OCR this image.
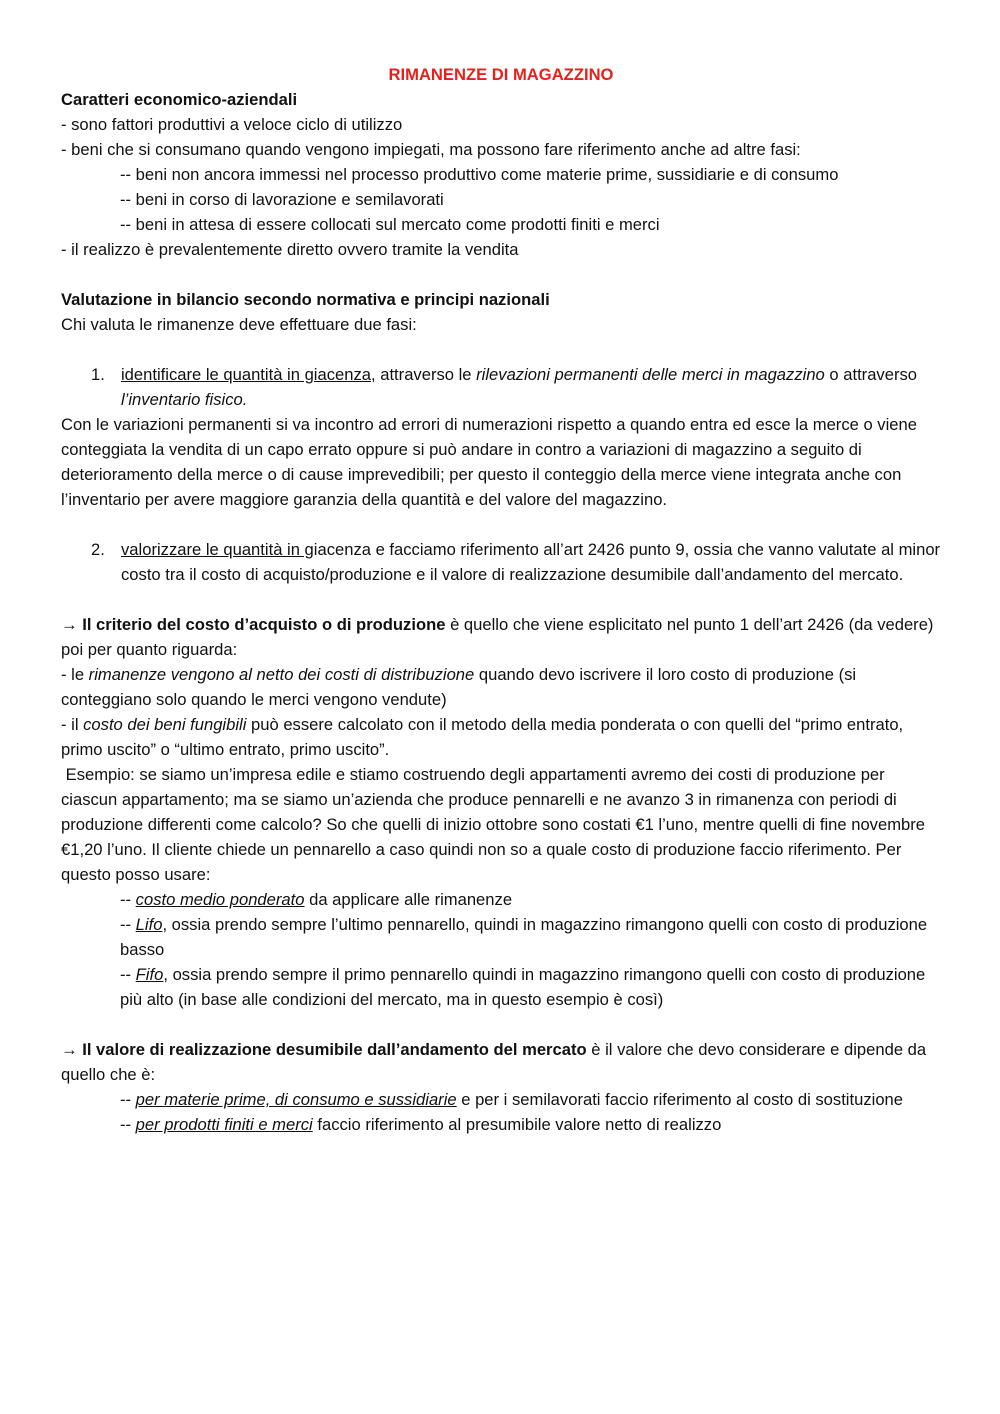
RIMANENZE DI MAGAZZINO

Caratteri economico-aziendali

- sono fattori produttivi a veloce ciclo di utilizzo

- beni che si consumano quando vengono impiegati, ma possono fare riferimento anche ad altre fasi:

-- beni non ancora immessi nel processo produttivo come materie prime, sussidiarie e di consumo

-- beni in corso di lavorazione e semilavorati

-- beni in attesa di essere collocati sul mercato come prodotti finiti e merci

- il realizzo è prevalentemente diretto ovvero tramite la vendita

Valutazione in bilancio secondo normativa e principi nazionali

Chi valuta le rimanenze deve effettuare due fasi:

1. identificare le quantità in giacenza, attraverso le rilevazioni permanenti delle merci in magazzino o attraverso l’inventario fisico.

Con le variazioni permanenti si va incontro ad errori di numerazioni rispetto a quando entra ed esce la merce o viene conteggiata la vendita di un capo errato oppure si può andare in contro a variazioni di magazzino a seguito di deterioramento della merce o di cause imprevedibili; per questo il conteggio della merce viene integrata anche con l’inventario per avere maggiore garanzia della quantità e del valore del magazzino.

2. valorizzare le quantità in giacenza e facciamo riferimento all’art 2426 punto 9, ossia che vanno valutate al minor costo tra il costo di acquisto/produzione e il valore di realizzazione desumibile dall’andamento del mercato.

→ Il criterio del costo d’acquisto o di produzione è quello che viene esplicitato nel punto 1 dell’art 2426 (da vedere) poi per quanto riguarda:

- le rimanenze vengono al netto dei costi di distribuzione quando devo iscrivere il loro costo di produzione (si conteggiano solo quando le merci vengono vendute)

- il costo dei beni fungibili può essere calcolato con il metodo della media ponderata o con quelli del “primo entrato, primo uscito” o “ultimo entrato, primo uscito”.

Esempio: se siamo un’impresa edile e stiamo costruendo degli appartamenti avremo dei costi di produzione per ciascun appartamento; ma se siamo un’azienda che produce pennarelli e ne avanzo 3 in rimanenza con periodi di produzione differenti come calcolo? So che quelli di inizio ottobre sono costati €1 l’uno, mentre quelli di fine novembre €1,20 l’uno. Il cliente chiede un pennarello a caso quindi non so a quale costo di produzione faccio riferimento. Per questo posso usare:

-- costo medio ponderato da applicare alle rimanenze

-- Lifo, ossia prendo sempre l’ultimo pennarello, quindi in magazzino rimangono quelli con costo di produzione basso

-- Fifo, ossia prendo sempre il primo pennarello quindi in magazzino rimangono quelli con costo di produzione più alto (in base alle condizioni del mercato, ma in questo esempio è così)

→ Il valore di realizzazione desumibile dall’andamento del mercato è il valore che devo considerare e dipende da quello che è:

-- per materie prime, di consumo e sussidiarie e per i semilavorati faccio riferimento al costo di sostituzione

-- per prodotti finiti e merci faccio riferimento al presumibile valore netto di realizzo
